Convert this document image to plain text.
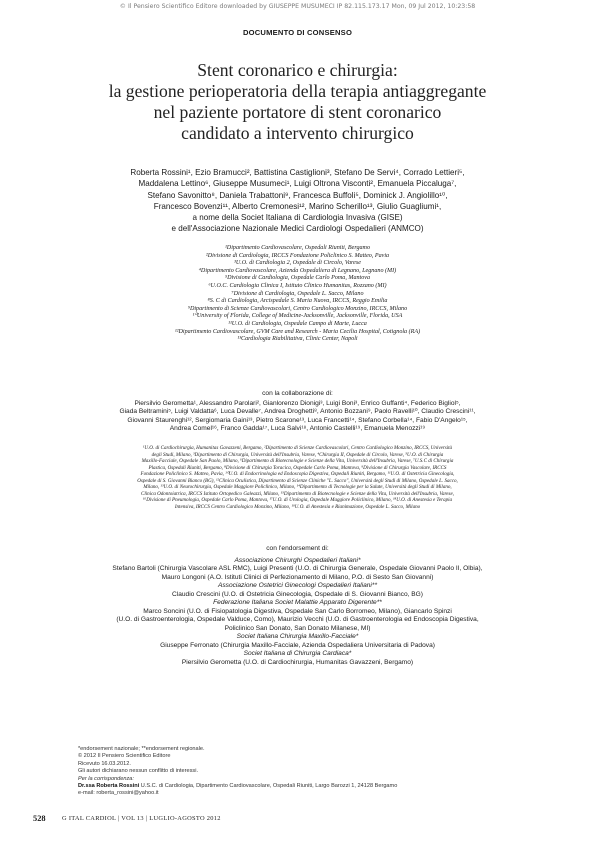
© Il Pensiero Scientifico Editore downloaded by GIUSEPPE MUSUMECI IP 82.115.173.17 Mon, 09 Jul 2012, 10:23:58
DOCUMENTO DI CONSENSO
Stent coronarico e chirurgia:
la gestione perioperatoria della terapia antiaggregante
nel paziente portatore di stent coronarico
candidato a intervento chirurgico
Roberta Rossini¹, Ezio Bramucci², Battistina Castiglioni³, Stefano De Servi⁴, Corrado Lettieri⁵,
Maddalena Lettino⁶, Giuseppe Musumeci¹, Luigi Oltrona Visconti², Emanuela Piccaluga⁷,
Stefano Savonitto⁸, Daniela Trabattoni⁹, Francesca Buffoli⁵, Dominick J. Angiolillo¹⁰,
Francesco Bovenzi¹¹, Alberto Cremonesi¹², Marino Scherillo¹³, Giulio Guagliumi¹,
a nome della Societ Italiana di Cardiologia Invasiva (GISE)
e dell'Associazione Nazionale Medici Cardiologi Ospedalieri (ANMCO)
¹Dipartimento Cardiovascolare, Ospedali Riuniti, Bergamo
²Divisione di Cardiologia, IRCCS Fondazione Policlinico S. Matteo, Pavia
³U.O. di Cardiologia 2, Ospedale di Circolo, Varese
⁴Dipartimento Cardiovascolare, Azienda Ospedaliera di Legnano, Legnano (MI)
⁵Divisione di Cardiologia, Ospedale Carlo Poma, Mantova
⁶U.O.C. Cardiologia Clinica I, Istituto Clinico Humanitas, Rozzano (MI)
⁷Divisione di Cardiologia, Ospedale L. Sacco, Milano
⁸S. C di Cardiologia, Arcispedale S. Maria Nuova, IRCCS, Reggio Emilia
⁹Dipartimento di Scienze Cardiovascolari, Centro Cardiologico Monzino, IRCCS, Milano
¹⁰University of Florida, College of Medicine-Jacksonville, Jacksonville, Florida, USA
¹¹U.O. di Cardiologia, Ospedale Campo di Marte, Lucca
¹²Dipartimento Cardiovascolare, GVM Care and Research - Maria Cecilia Hospital, Cotignola (RA)
¹³Cardiologia Riabilitativa, Clinic Center, Napoli
con la collaborazione di:
Piersilvio Gerometta¹, Alessandro Parolari², Gianlorenzo Dionigi³, Luigi Boni³, Enrico Guffanti⁴, Federico Bigliol⁵,
Giada Beltramini⁵, Luigi Valdatta⁶, Luca Devalle⁷, Andrea Droghetti⁸, Antonio Bozzani⁹, Paolo Ravelli¹⁰, Claudio Crescini¹¹,
Giovanni Staurenghi¹², Sergiomaria Gaini¹³, Pietro Scarone¹³, Luca Francetti¹⁴, Stefano Corbella¹⁴, Fabio D'Angelo¹⁵,
Andrea Comel¹⁶, Franco Gadda¹⁷, Luca Salvi¹⁸, Antonio Castelli¹⁹, Emanuela Menozzi¹⁹
¹U.O. di Cardiochirurgia, Humanitas Gavazzeni, Bergamo, ²Dipartimento di Scienze Cardiovascolari, Centro Cardiologico Monzino, IRCCS, Università
degli Studi, Milano, ³Dipartimento di Chirurgia, Università dell'Insubria, Varese, ⁴Chirurgia II, Ospedale di Circolo, Varese, ⁵U.O. di Chirurgia
Maxillo-Facciale, Ospedale San Paolo, Milano, ⁶Dipartimento di Biotecnologie e Scienze della Vita, Università dell'Insubria, Varese, ⁷U.S.C di Chirurgia
Plastica, Ospedali Riuniti, Bergamo, ⁸Divisione di Chirurgia Toracica, Ospedale Carlo Poma, Mantova, ⁹Divisione di Chirurgia Vascolare, IRCCS
Fondazione Policlinico S. Matteo, Pavia, ¹⁰U.O. di Endocrinologia ed Endoscopia Digestiva, Ospedali Riuniti, Bergamo, ¹¹U.O. di Ostetricia Ginecologia,
Ospedale di S. Giovanni Bianco (BG), ¹²Clinica Oculistica, Dipartimento di Scienze Cliniche "L. Sacco", Università degli Studi di Milano, Ospedale L. Sacco,
Milano, ¹³U.O. di Neurochirurgia, Ospedale Maggiore Policlinico, Milano, ¹⁴Dipartimento di Tecnologie per la Salute, Università degli Studi di Milano,
Clinica Odontoiatrica, IRCCS Istituto Ortopedico Galeazzi, Milano, ¹⁵Dipartimento di Biotecnologie e Scienze della Vita, Università dell'Insubria, Varese,
¹⁶Divisione di Pneumologia, Ospedale Carlo Poma, Mantova, ¹⁷U.O. di Urologia, Ospedale Maggiore Policlinico, Milano, ¹⁸U.O. di Anestesia e Terapia
Intensiva, IRCCS Centro Cardiologico Monzino, Milano, ¹⁹U.O. di Anestesia e Rianimazione, Ospedale L. Sacco, Milano
con l'endorsement di:
Associazione Chirurghi Ospedalieri Italiani*
Stefano Bartoli (Chirurgia Vascolare ASL RMC), Luigi Presenti (U.O. di Chirurgia Generale, Ospedale Giovanni Paolo II, Olbia),
Mauro Longoni (A.O. Istituti Clinici di Perfezionamento di Milano, P.O. di Sesto San Giovanni)
Associazione Ostetrici Ginecologi Ospedalieri Italiani**
Claudio Crescini (U.O. di Ostetricia Ginecologia, Ospedale di S. Giovanni Bianco, BG)
Federazione Italiana Societ Malattie Apparato Digerente**
Marco Soncini (U.O. di Fisiopatologia Digestiva, Ospedale San Carlo Borromeo, Milano), Giancarlo Spinzi
(U.O. di Gastroenterologia, Ospedale Valduce, Como), Maurizio Vecchi (U.O. di Gastroenterologia ed Endoscopia Digestiva,
Policlinico San Donato, San Donato Milanese, MI)
Societ Italiana Chirurgia Maxillo-Facciale*
Giuseppe Ferronato (Chirurgia Maxillo-Facciale, Azienda Ospedaliera Universitaria di Padova)
Societ Italiana di Chirurgia Cardiaca*
Piersilvio Gerometta (U.O. di Cardiochirurgia, Humanitas Gavazzeni, Bergamo)
*endorsement nazionale; **endorsement regionale.
© 2012 Il Pensiero Scientifico Editore
Ricevuto 16.03.2012.
Gli autori dichiarano nessun conflitto di interessi.
Per la corrispondenza:
Dr.ssa Roberta Rossini U.S.C. di Cardiologia, Dipartimento Cardiovascolare, Ospedali Riuniti, Largo Barozzi 1, 24128 Bergamo
e-mail: roberta_rossini@yahoo.it
528	G ITAL CARDIOL | VOL 13 | LUGLIO-AGOSTO 2012
